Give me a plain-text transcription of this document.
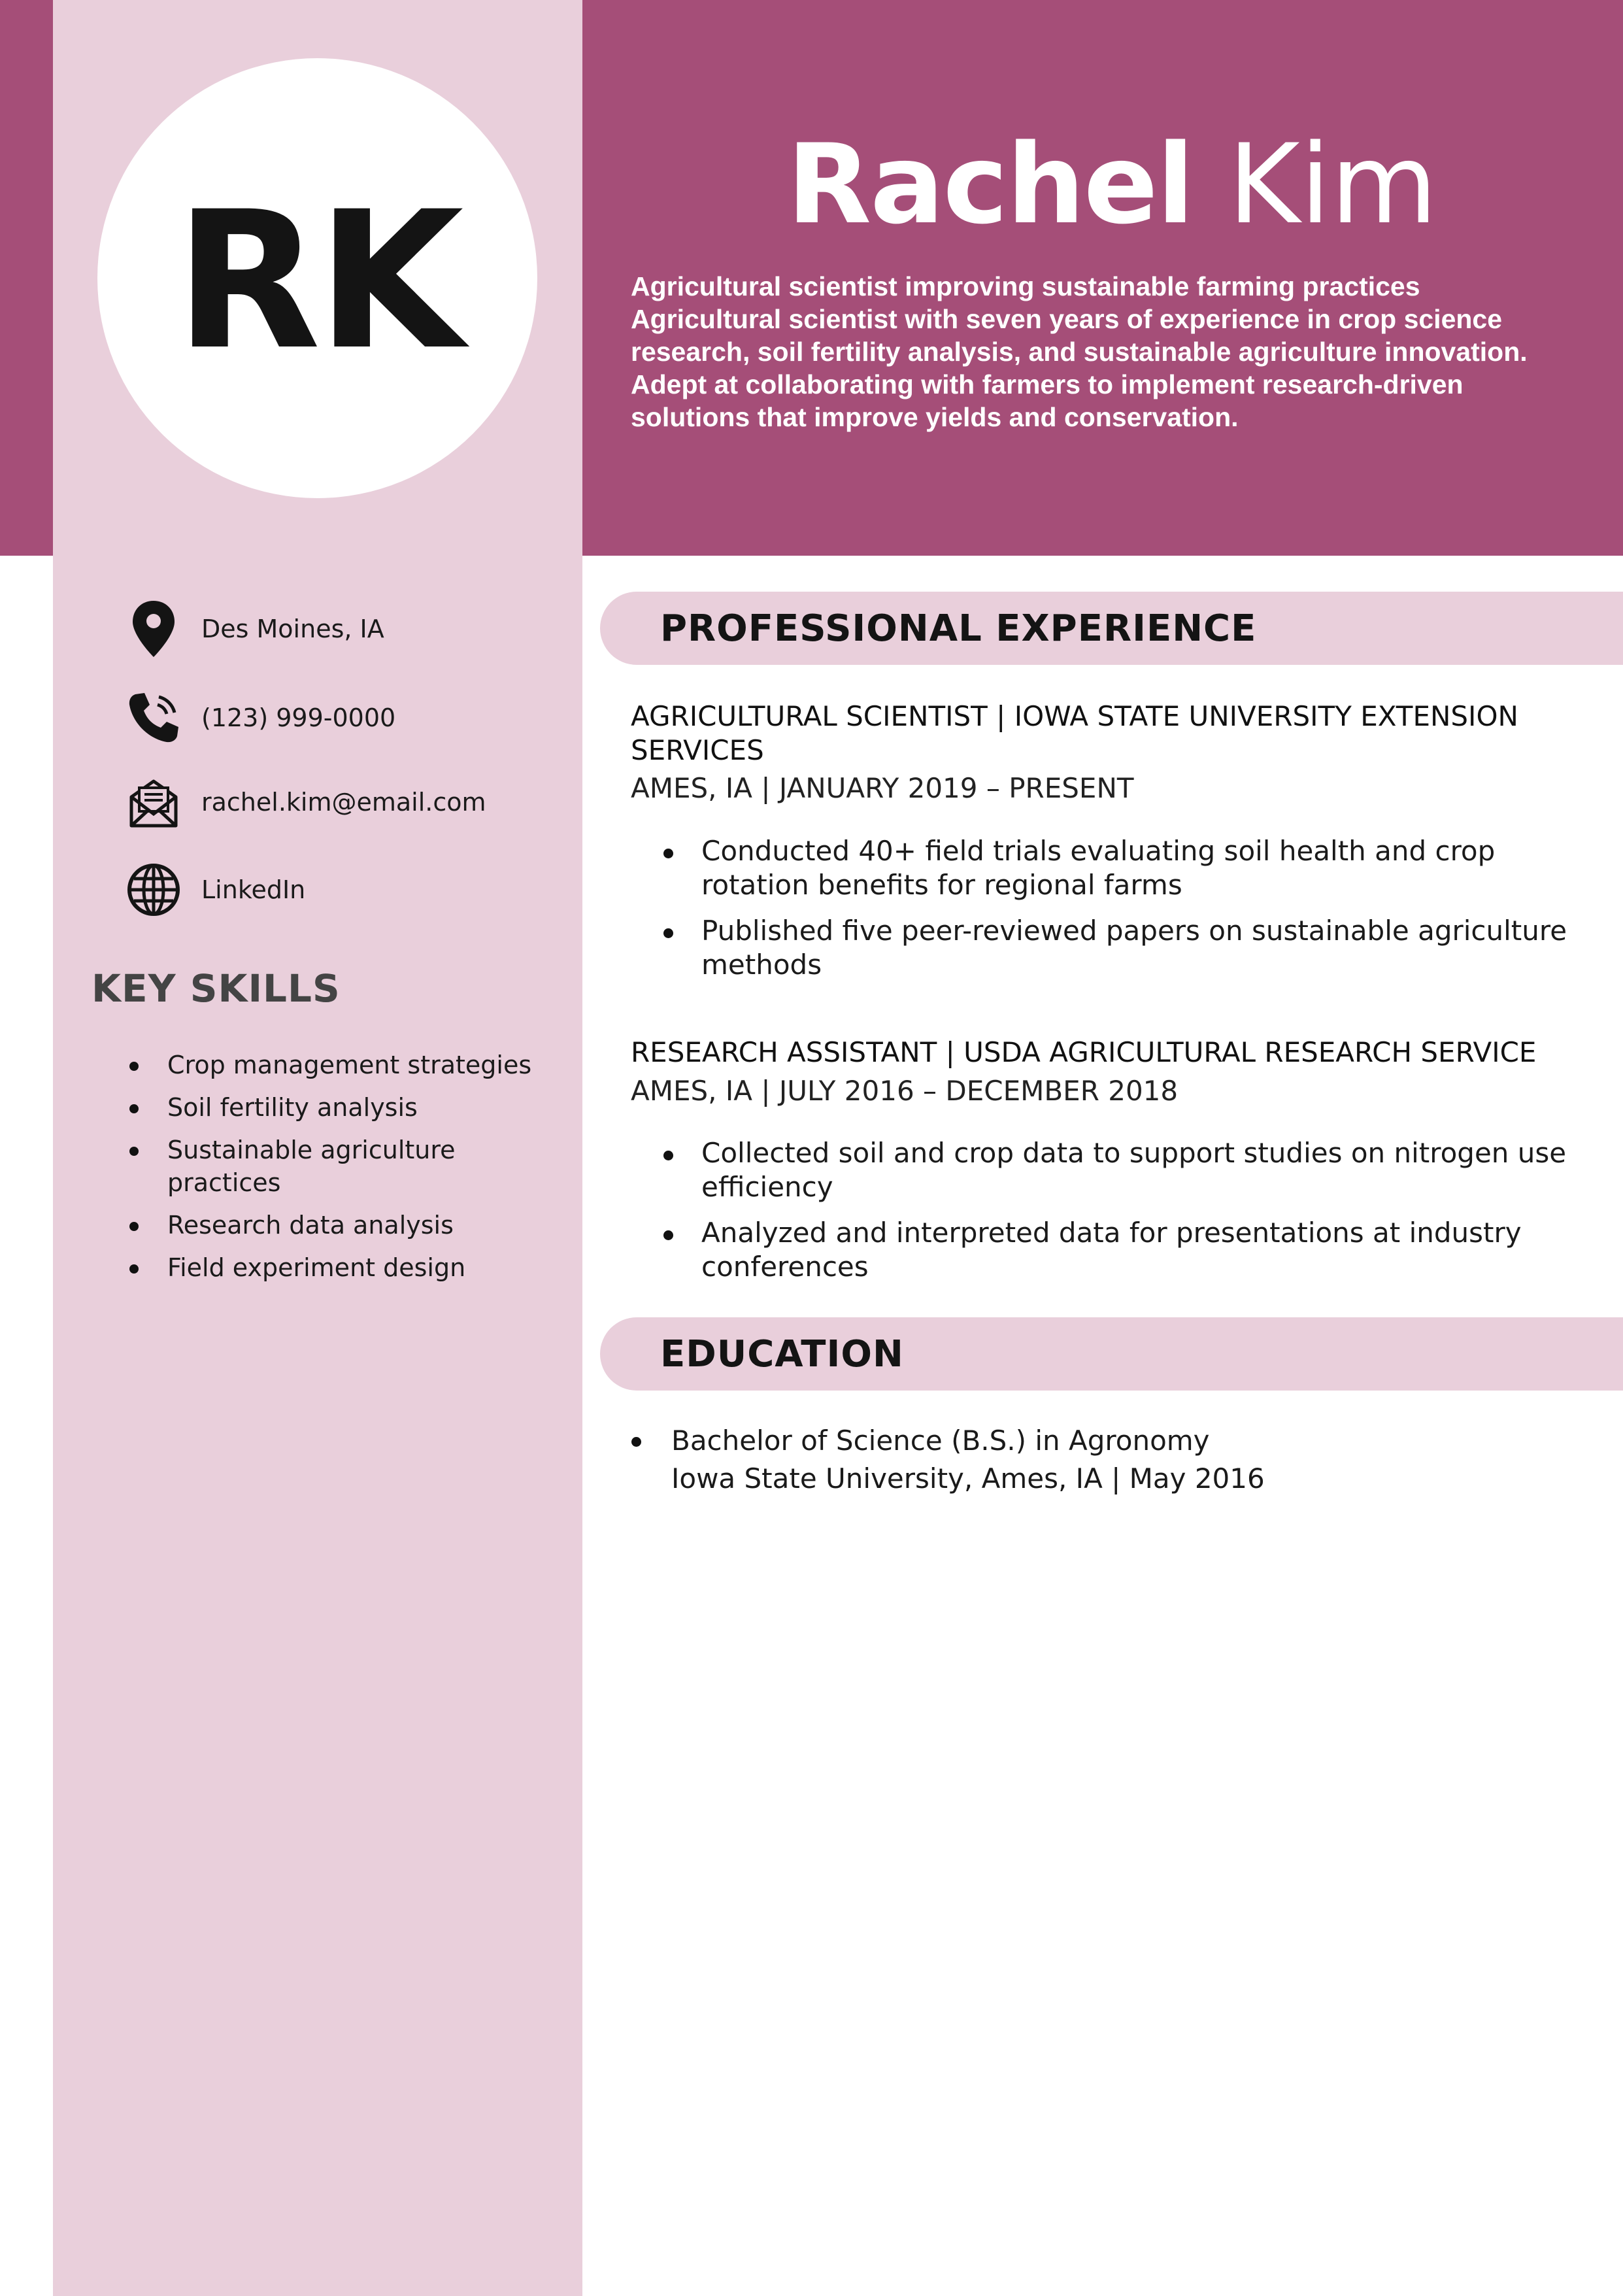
RK	Rachel Kim
Agricultural scientist improving sustainable farming practices
Agricultural scientist with seven years of experience in crop science
research, soil fertility analysis, and sustainable agriculture innovation.
Adept at collaborating with farmers to implement research-driven
solutions that improve yields and conservation.
Des Moines, IA
(123) 999-0000
rachel.kim@email.com
LinkedIn
KEY SKILLS
Crop management strategies
Soil fertility analysis
Sustainable agriculture practices
Research data analysis
Field experiment design
PROFESSIONAL EXPERIENCE
AGRICULTURAL SCIENTIST | IOWA STATE UNIVERSITY EXTENSION SERVICES
AMES, IA | JANUARY 2019 – PRESENT
Conducted 40+ field trials evaluating soil health and crop rotation benefits for regional farms
Published five peer-reviewed papers on sustainable agriculture methods
RESEARCH ASSISTANT | USDA AGRICULTURAL RESEARCH SERVICE
AMES, IA | JULY 2016 – DECEMBER 2018
Collected soil and crop data to support studies on nitrogen use efficiency
Analyzed and interpreted data for presentations at industry conferences
EDUCATION
Bachelor of Science (B.S.) in Agronomy
Iowa State University, Ames, IA | May 2016
